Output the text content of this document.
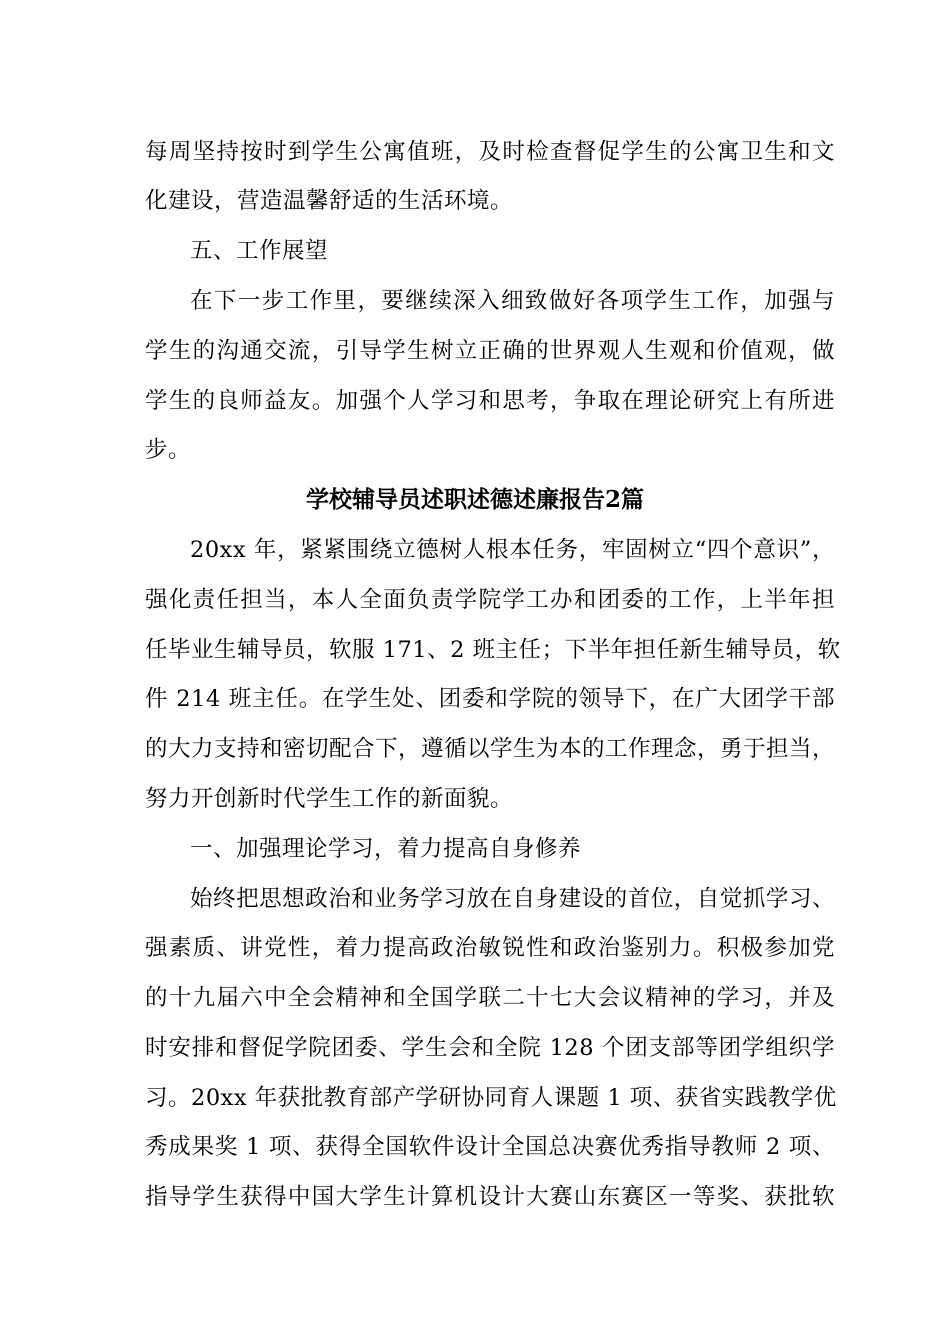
每周坚持按时到学生公寓值班，及时检查督促学生的公寓卫生和文
化建设，营造温馨舒适的生活环境。
五、工作展望
在下一步工作里，要继续深入细致做好各项学生工作，加强与
学生的沟通交流，引导学生树立正确的世界观人生观和价值观，做
学生的良师益友。加强个人学习和思考，争取在理论研究上有所进
步。
学校辅导员述职述德述廉报告2篇
20xx 年，紧紧围绕立德树人根本任务，牢固树立“四个意识”，
强化责任担当，本人全面负责学院学工办和团委的工作，上半年担
任毕业生辅导员，软服 171、2 班主任；下半年担任新生辅导员，软
件 214 班主任。在学生处、团委和学院的领导下，在广大团学干部
的大力支持和密切配合下，遵循以学生为本的工作理念，勇于担当，
努力开创新时代学生工作的新面貌。
一、加强理论学习，着力提高自身修养
始终把思想政治和业务学习放在自身建设的首位，自觉抓学习、
强素质、讲党性，着力提高政治敏锐性和政治鉴别力。积极参加党
的十九届六中全会精神和全国学联二十七大会议精神的学习，并及
时安排和督促学院团委、学生会和全院 128 个团支部等团学组织学
习。20xx 年获批教育部产学研协同育人课题 1 项、获省实践教学优
秀成果奖 1 项、获得全国软件设计全国总决赛优秀指导教师 2 项、
指导学生获得中国大学生计算机设计大赛山东赛区一等奖、获批软
